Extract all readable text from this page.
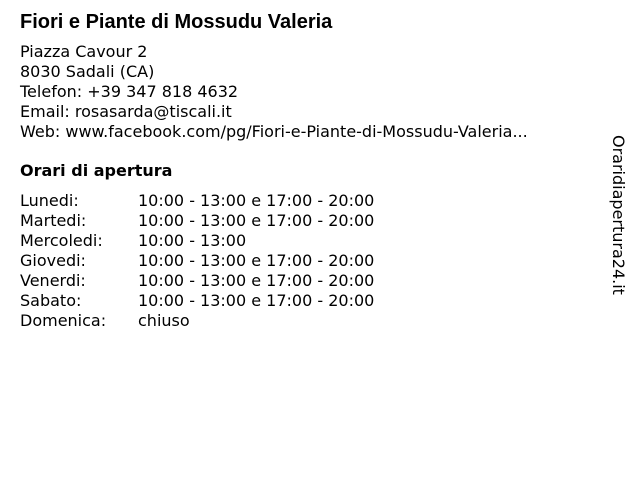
Fiori e Piante di Mossudu Valeria
Piazza Cavour 2
8030 Sadali (CA)
Telefon: +39 347 818 4632
Email: rosasarda@tiscali.it
Web: www.facebook.com/pg/Fiori-e-Piante-di-Mossudu-Valeria...
Orari di apertura
Lunedi:	10:00 - 13:00 e 17:00 - 20:00
Martedi:	10:00 - 13:00 e 17:00 - 20:00
Mercoledi:	10:00 - 13:00
Giovedi:	10:00 - 13:00 e 17:00 - 20:00
Venerdi:	10:00 - 13:00 e 17:00 - 20:00
Sabato:	10:00 - 13:00 e 17:00 - 20:00
Domenica:	chiuso
Oraridiapertura24.it
